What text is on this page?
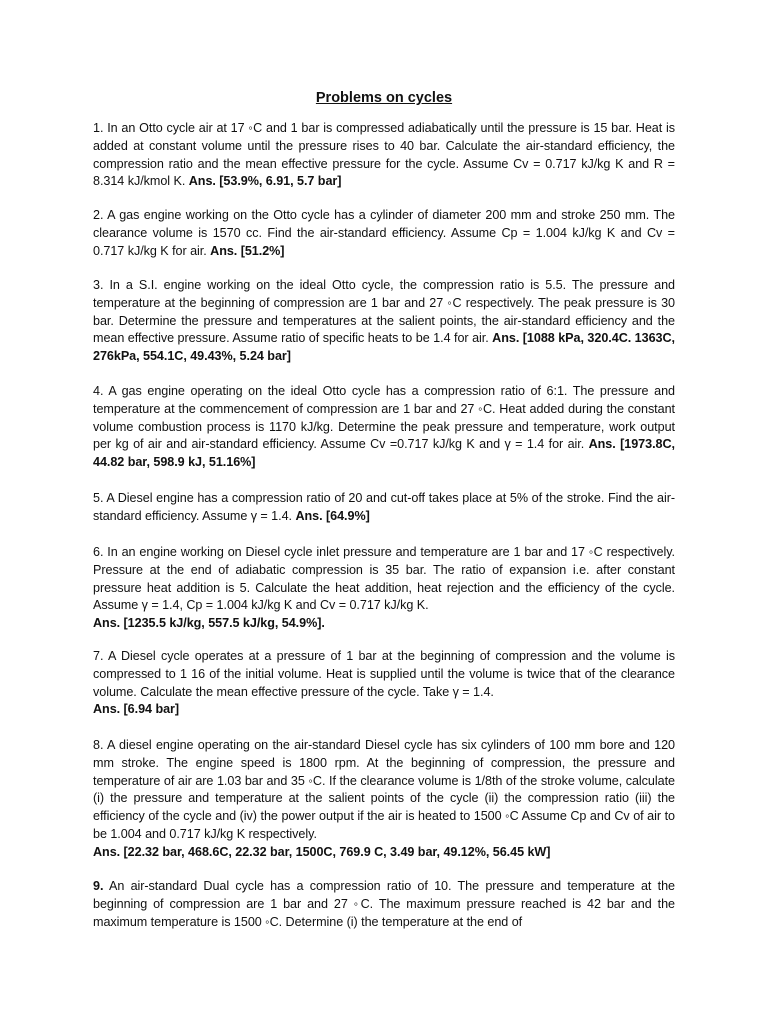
Problems on cycles

1. In an Otto cycle air at 17 ◦C and 1 bar is compressed adiabatically until the pressure is 15 bar. Heat is added at constant volume until the pressure rises to 40 bar. Calculate the air-standard efficiency, the compression ratio and the mean effective pressure for the cycle. Assume Cv = 0.717 kJ/kg K and R = 8.314 kJ/kmol K. Ans. [53.9%, 6.91, 5.7 bar]

2. A gas engine working on the Otto cycle has a cylinder of diameter 200 mm and stroke 250 mm. The clearance volume is 1570 cc. Find the air-standard efficiency. Assume Cp = 1.004 kJ/kg K and Cv = 0.717 kJ/kg K for air. Ans. [51.2%]

3. In a S.I. engine working on the ideal Otto cycle, the compression ratio is 5.5. The pressure and temperature at the beginning of compression are 1 bar and 27 ◦C respectively. The peak pressure is 30 bar. Determine the pressure and temperatures at the salient points, the air-standard efficiency and the mean effective pressure. Assume ratio of specific heats to be 1.4 for air. Ans. [1088 kPa, 320.4C. 1363C, 276kPa, 554.1C, 49.43%, 5.24 bar]

4. A gas engine operating on the ideal Otto cycle has a compression ratio of 6:1. The pressure and temperature at the commencement of compression are 1 bar and 27 ◦C. Heat added during the constant volume combustion process is 1170 kJ/kg. Determine the peak pressure and temperature, work output per kg of air and air-standard efficiency. Assume Cv =0.717 kJ/kg K and γ = 1.4 for air. Ans. [1973.8C, 44.82 bar, 598.9 kJ, 51.16%]

5. A Diesel engine has a compression ratio of 20 and cut-off takes place at 5% of the stroke. Find the air-standard efficiency. Assume γ = 1.4. Ans. [64.9%]

6. In an engine working on Diesel cycle inlet pressure and temperature are 1 bar and 17 ◦C respectively. Pressure at the end of adiabatic compression is 35 bar. The ratio of expansion i.e. after constant pressure heat addition is 5. Calculate the heat addition, heat rejection and the efficiency of the cycle. Assume γ = 1.4, Cp = 1.004 kJ/kg K and Cv = 0.717 kJ/kg K.
Ans. [1235.5 kJ/kg, 557.5 kJ/kg, 54.9%].

7. A Diesel cycle operates at a pressure of 1 bar at the beginning of compression and the volume is compressed to 1 16 of the initial volume. Heat is supplied until the volume is twice that of the clearance volume. Calculate the mean effective pressure of the cycle. Take γ = 1.4.
Ans. [6.94 bar]

8. A diesel engine operating on the air-standard Diesel cycle has six cylinders of 100 mm bore and 120 mm stroke. The engine speed is 1800 rpm. At the beginning of compression, the pressure and temperature of air are 1.03 bar and 35 ◦C. If the clearance volume is 1/8th of the stroke volume, calculate (i) the pressure and temperature at the salient points of the cycle (ii) the compression ratio (iii) the efficiency of the cycle and (iv) the power output if the air is heated to 1500 ◦C Assume Cp and Cv of air to be 1.004 and 0.717 kJ/kg K respectively.
Ans. [22.32 bar, 468.6C, 22.32 bar, 1500C, 769.9 C, 3.49 bar, 49.12%, 56.45 kW]

9. An air-standard Dual cycle has a compression ratio of 10. The pressure and temperature at the beginning of compression are 1 bar and 27 ◦C. The maximum pressure reached is 42 bar and the maximum temperature is 1500 ◦C. Determine (i) the temperature at the end of
